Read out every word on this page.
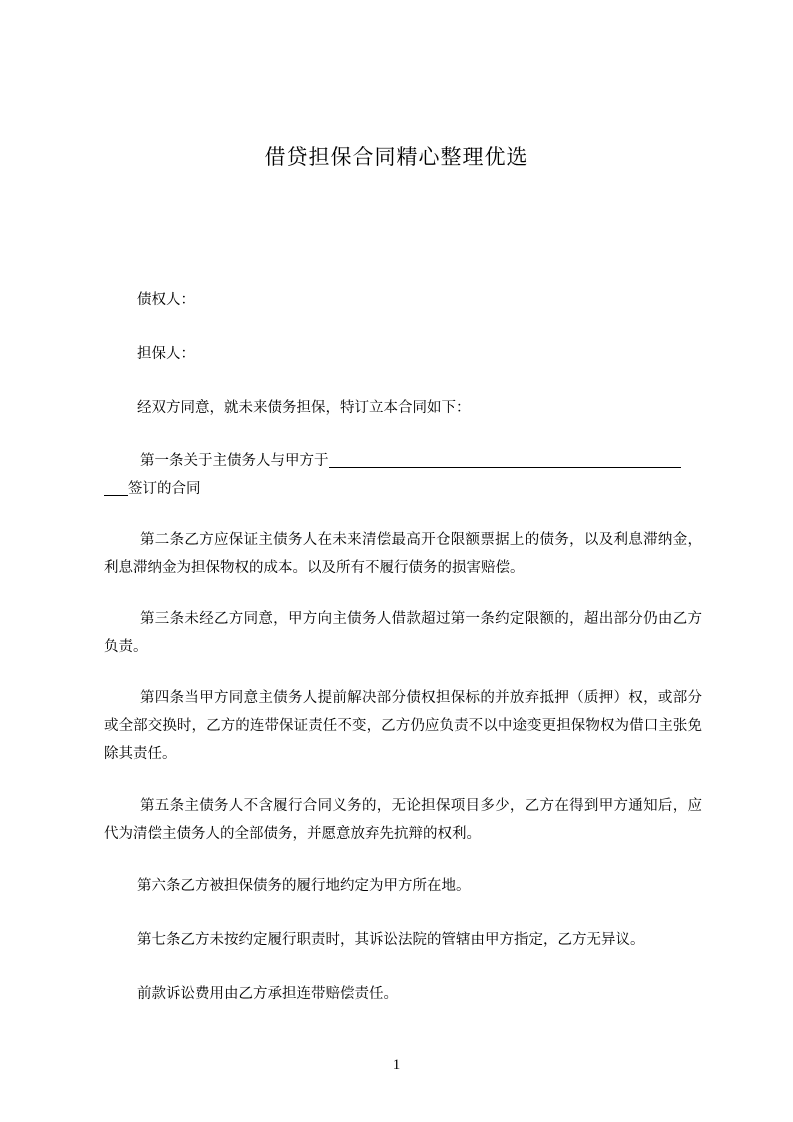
借贷担保合同精心整理优选

债权人：

担保人：

经双方同意，就未来债务担保，特订立本合同如下：

第一条关于主债务人与甲方于
签订的合同

第二条乙方应保证主债务人在未来清偿最高开仓限额票据上的债务，以及利息滞纳金，利息滞纳金为担保物权的成本。以及所有不履行债务的损害赔偿。

第三条未经乙方同意，甲方向主债务人借款超过第一条约定限额的，超出部分仍由乙方负责。

第四条当甲方同意主债务人提前解决部分债权担保标的并放弃抵押（质押）权，或部分或全部交换时，乙方的连带保证责任不变，乙方仍应负责不以中途变更担保物权为借口主张免除其责任。

第五条主债务人不含履行合同义务的，无论担保项目多少，乙方在得到甲方通知后，应代为清偿主债务人的全部债务，并愿意放弃先抗辩的权利。

第六条乙方被担保债务的履行地约定为甲方所在地。

第七条乙方未按约定履行职责时，其诉讼法院的管辖由甲方指定，乙方无异议。

前款诉讼费用由乙方承担连带赔偿责任。

1
